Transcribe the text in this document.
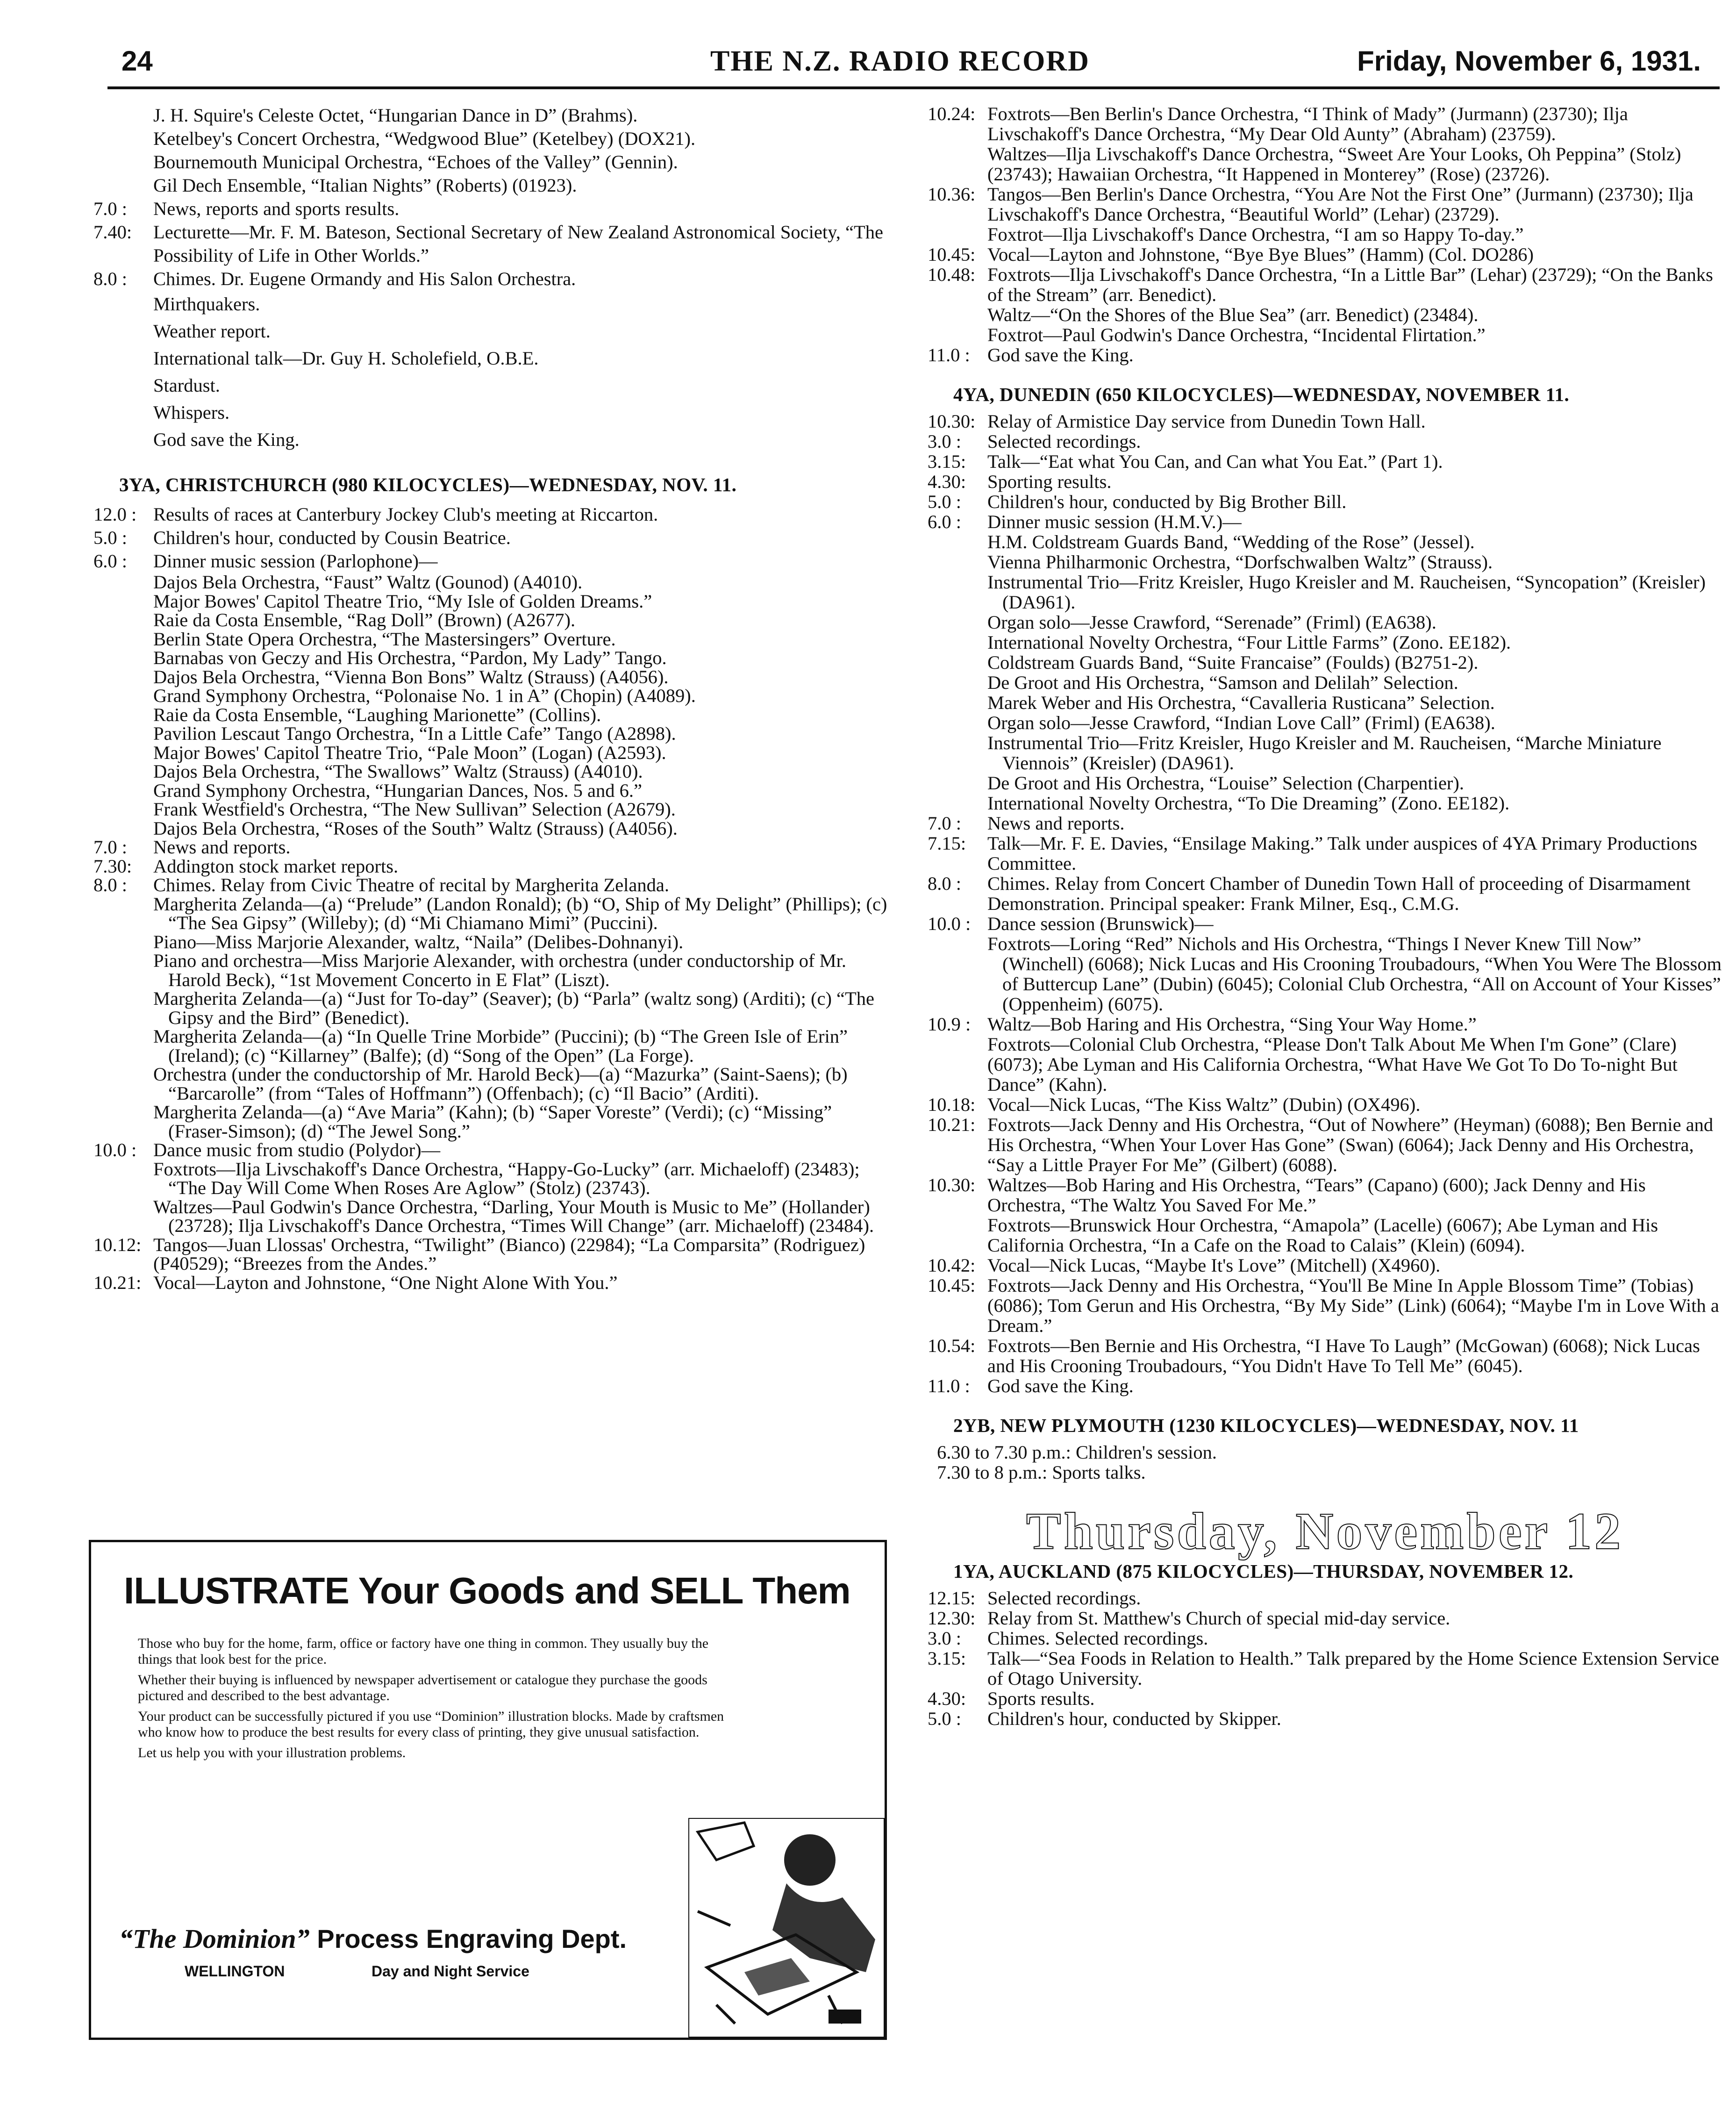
24	THE N.Z. RADIO RECORD	Friday, November 6, 1931.
J. H. Squire's Celeste Octet, “Hungarian Dance in D” (Brahms).
Ketelbey's Concert Orchestra, “Wedgwood Blue” (Ketelbey) (DOX21).
Bournemouth Municipal Orchestra, “Echoes of the Valley” (Gennin).
Gil Dech Ensemble, “Italian Nights” (Roberts) (01923).
7.0 :	News, reports and sports results.
7.40:	Lecturette—Mr. F. M. Bateson, Sectional Secretary of New Zealand Astronomical Society, “The Possibility of Life in Other Worlds.”
8.0 :	Chimes. Dr. Eugene Ormandy and His Salon Orchestra.
Mirthquakers.
Weather report.
International talk—Dr. Guy H. Scholefield, O.B.E.
Stardust.
Whispers.
God save the King.
3YA, CHRISTCHURCH (980 KILOCYCLES)—WEDNESDAY, NOV. 11.
12.0 : Results of races at Canterbury Jockey Club's meeting at Riccarton.
5.0 :	Children's hour, conducted by Cousin Beatrice.
6.0 :	Dinner music session (Parlophone)—
Dajos Bela Orchestra, “Faust” Waltz (Gounod) (A4010).
Major Bowes' Capitol Theatre Trio, “My Isle of Golden Dreams.”
Raie da Costa Ensemble, “Rag Doll” (Brown) (A2677).
Berlin State Opera Orchestra, “The Mastersingers” Overture.
Barnabas von Geczy and His Orchestra, “Pardon, My Lady” Tango.
Dajos Bela Orchestra, “Vienna Bon Bons” Waltz (Strauss) (A4056).
Grand Symphony Orchestra, “Polonaise No. 1 in A” (Chopin) (A4089).
Raie da Costa Ensemble, “Laughing Marionette” (Collins).
Pavilion Lescaut Tango Orchestra, “In a Little Cafe” Tango (A2898).
Major Bowes' Capitol Theatre Trio, “Pale Moon” (Logan) (A2593).
Dajos Bela Orchestra, “The Swallows” Waltz (Strauss) (A4010).
Grand Symphony Orchestra, “Hungarian Dances, Nos. 5 and 6.”
Frank Westfield's Orchestra, “The New Sullivan” Selection (A2679).
Dajos Bela Orchestra, “Roses of the South” Waltz (Strauss) (A4056).
7.0 :	News and reports.
7.30:	Addington stock market reports.
8.0 :	Chimes. Relay from Civic Theatre of recital by Margherita Zelanda.
Margherita Zelanda—(a) “Prelude” (Landon Ronald); (b) “O, Ship of My Delight” (Phillips); (c) “The Sea Gipsy” (Willeby); (d) “Mi Chiamano Mimi” (Puccini).
Piano—Miss Marjorie Alexander, waltz, “Naila” (Delibes-Dohnanyi).
Piano and orchestra—Miss Marjorie Alexander, with orchestra (under conductorship of Mr. Harold Beck), “1st Movement Concerto in E Flat” (Liszt).
Margherita Zelanda—(a) “Just for To-day” (Seaver); (b) “Parla” (waltz song) (Arditi); (c) “The Gipsy and the Bird” (Benedict).
Margherita Zelanda—(a) “In Quelle Trine Morbide” (Puccini); (b) “The Green Isle of Erin” (Ireland); (c) “Killarney” (Balfe); (d) “Song of the Open” (La Forge).
Orchestra (under the conductorship of Mr. Harold Beck)—(a) “Mazurka” (Saint-Saens); (b) “Barcarolle” (from “Tales of Hoffmann”) (Offenbach); (c) “Il Bacio” (Arditi).
Margherita Zelanda—(a) “Ave Maria” (Kahn); (b) “Saper Voreste” (Verdi); (c) “Missing” (Fraser-Simson); (d) “The Jewel Song.”
10.0 : Dance music from studio (Polydor)—
Foxtrots—Ilja Livschakoff's Dance Orchestra, “Happy-Go-Lucky” (arr. Michaeloff) (23483); “The Day Will Come When Roses Are Aglow” (Stolz) (23743).
Waltzes—Paul Godwin's Dance Orchestra, “Darling, Your Mouth is Music to Me” (Hollander) (23728); Ilja Livschakoff's Dance Orchestra, “Times Will Change” (arr. Michaeloff) (23484).
10.12: Tangos—Juan Llossas' Orchestra, “Twilight” (Bianco) (22984); “La Comparsita” (Rodriguez) (P40529); “Breezes from the Andes.”
10.21: Vocal—Layton and Johnstone, “One Night Alone With You.”
ILLUSTRATE Your Goods and SELL Them

Those who buy for the home, farm, office or factory have one thing in common. They usually buy the things that look best for the price.

Whether their buying is influenced by newspaper advertisement or catalogue they purchase the goods pictured and described to the best advantage.

Your product can be successfully pictured if you use “Dominion” illustration blocks. Made by craftsmen who know how to produce the best results for every class of printing, they give unusual satisfaction.

Let us help you with your illustration problems.

“The Dominion” Process Engraving Dept.
WELLINGTON	Day and Night Service
10.24: Foxtrots—Ben Berlin's Dance Orchestra, “I Think of Mady” (Jurmann) (23730); Ilja Livschakoff's Dance Orchestra, “My Dear Old Aunty” (Abraham) (23759).
Waltzes—Ilja Livschakoff's Dance Orchestra, “Sweet Are Your Looks, Oh Peppina” (Stolz) (23743); Hawaiian Orchestra, “It Happened in Monterey” (Rose) (23726).
10.36: Tangos—Ben Berlin's Dance Orchestra, “You Are Not the First One” (Jurmann) (23730); Ilja Livschakoff's Dance Orchestra, “Beautiful World” (Lehar) (23729).
Foxtrot—Ilja Livschakoff's Dance Orchestra, “I am so Happy To-day.”
10.45: Vocal—Layton and Johnstone, “Bye Bye Blues” (Hamm) (Col. DO286)
10.48: Foxtrots—Ilja Livschakoff's Dance Orchestra, “In a Little Bar” (Lehar) (23729); “On the Banks of the Stream” (arr. Benedict).
Waltz—“On the Shores of the Blue Sea” (arr. Benedict) (23484).
Foxtrot—Paul Godwin's Dance Orchestra, “Incidental Flirtation.”
11.0 : God save the King.
4YA, DUNEDIN (650 KILOCYCLES)—WEDNESDAY, NOVEMBER 11.
10.30: Relay of Armistice Day service from Dunedin Town Hall.
3.0 :	Selected recordings.
3.15:	Talk—“Eat what You Can, and Can what You Eat.” (Part 1).
4.30:	Sporting results.
5.0 :	Children's hour, conducted by Big Brother Bill.
6.0 :	Dinner music session (H.M.V.)—
H.M. Coldstream Guards Band, “Wedding of the Rose” (Jessel).
Vienna Philharmonic Orchestra, “Dorfschwalben Waltz” (Strauss).
Instrumental Trio—Fritz Kreisler, Hugo Kreisler and M. Raucheisen, “Syncopation” (Kreisler) (DA961).
Organ solo—Jesse Crawford, “Serenade” (Friml) (EA638).
International Novelty Orchestra, “Four Little Farms” (Zono. EE182).
Coldstream Guards Band, “Suite Francaise” (Foulds) (B2751-2).
De Groot and His Orchestra, “Samson and Delilah” Selection.
Marek Weber and His Orchestra, “Cavalleria Rusticana” Selection.
Organ solo—Jesse Crawford, “Indian Love Call” (Friml) (EA638).
Instrumental Trio—Fritz Kreisler, Hugo Kreisler and M. Raucheisen, “Marche Miniature Viennois” (Kreisler) (DA961).
De Groot and His Orchestra, “Louise” Selection (Charpentier).
International Novelty Orchestra, “To Die Dreaming” (Zono. EE182).
7.0 :	News and reports.
7.15:	Talk—Mr. F. E. Davies, “Ensilage Making.” Talk under auspices of 4YA Primary Productions Committee.
8.0 :	Chimes. Relay from Concert Chamber of Dunedin Town Hall of proceeding of Disarmament Demonstration. Principal speaker: Frank Milner, Esq., C.M.G.
10.0 : Dance session (Brunswick)—
Foxtrots—Loring “Red” Nichols and His Orchestra, “Things I Never Knew Till Now” (Winchell) (6068); Nick Lucas and His Crooning Troubadours, “When You Were The Blossom of Buttercup Lane” (Dubin) (6045); Colonial Club Orchestra, “All on Account of Your Kisses” (Oppenheim) (6075).
10.9 : Waltz—Bob Haring and His Orchestra, “Sing Your Way Home.”
Foxtrots—Colonial Club Orchestra, “Please Don't Talk About Me When I'm Gone” (Clare) (6073); Abe Lyman and His California Orchestra, “What Have We Got To Do To-night But Dance” (Kahn).
10.18: Vocal—Nick Lucas, “The Kiss Waltz” (Dubin) (OX496).
10.21: Foxtrots—Jack Denny and His Orchestra, “Out of Nowhere” (Heyman) (6088); Ben Bernie and His Orchestra, “When Your Lover Has Gone” (Swan) (6064); Jack Denny and His Orchestra, “Say a Little Prayer For Me” (Gilbert) (6088).
10.30: Waltzes—Bob Haring and His Orchestra, “Tears” (Capano) (600); Jack Denny and His Orchestra, “The Waltz You Saved For Me.”
Foxtrots—Brunswick Hour Orchestra, “Amapola” (Lacelle) (6067); Abe Lyman and His California Orchestra, “In a Cafe on the Road to Calais” (Klein) (6094).
10.42: Vocal—Nick Lucas, “Maybe It's Love” (Mitchell) (X4960).
10.45: Foxtrots—Jack Denny and His Orchestra, “You'll Be Mine In Apple Blossom Time” (Tobias) (6086); Tom Gerun and His Orchestra, “By My Side” (Link) (6064); “Maybe I'm in Love With a Dream.”
10.54: Foxtrots—Ben Bernie and His Orchestra, “I Have To Laugh” (McGowan) (6068); Nick Lucas and His Crooning Troubadours, “You Didn't Have To Tell Me” (6045).
11.0 : God save the King.
2YB, NEW PLYMOUTH (1230 KILOCYCLES)—WEDNESDAY, NOV. 11
6.30 to 7.30 p.m.: Children's session.
7.30 to 8 p.m.: Sports talks.
Thursday, November 12
1YA, AUCKLAND (875 KILOCYCLES)—THURSDAY, NOVEMBER 12.
12.15: Selected recordings.
12.30: Relay from St. Matthew's Church of special mid-day service.
3.0 :	Chimes. Selected recordings.
3.15:	Talk—“Sea Foods in Relation to Health.” Talk prepared by the Home Science Extension Service of Otago University.
4.30:	Sports results.
5.0 :	Children's hour, conducted by Skipper.
